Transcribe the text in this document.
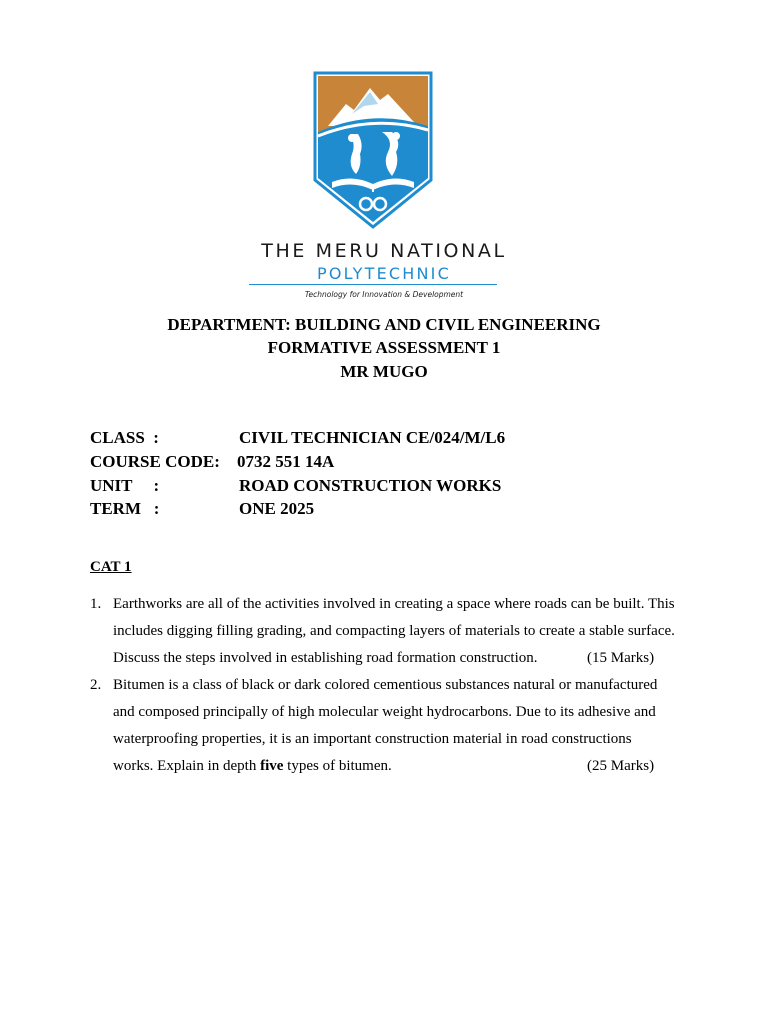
THE MERU NATIONAL
POLYTECHNIC
Technology for Innovation & Development
DEPARTMENT: BUILDING AND CIVIL ENGINEERING
FORMATIVE ASSESSMENT 1
MR MUGO
CLASS  :	CIVIL TECHNICIAN CE/024/M/L6
COURSE CODE: 0732 551 14A
UNIT     :	ROAD CONSTRUCTION WORKS
TERM   :	ONE 2025
CAT 1
1. Earthworks are all of the activities involved in creating a space where roads can be built. This
includes digging filling grading, and compacting layers of materials to create a stable surface.
Discuss the steps involved in establishing road formation construction.	(15 Marks)
2. Bitumen is a class of black or dark colored cementious substances natural or manufactured
and composed principally of high molecular weight hydrocarbons. Due to its adhesive and
waterproofing properties, it is an important construction material in road constructions
works. Explain in depth five types of bitumen.	(25 Marks)
